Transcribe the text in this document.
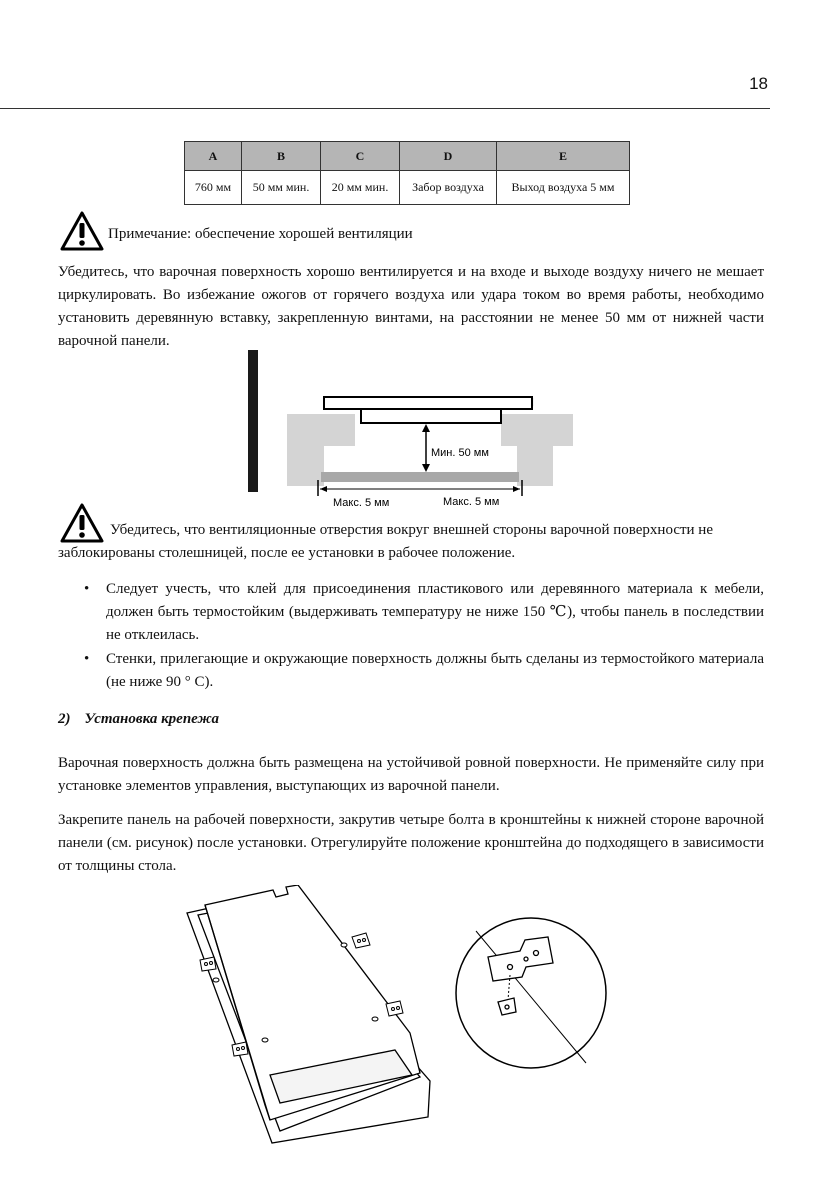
18
A	B	C	D	E
760 мм	50 мм мин.	20 мм мин.	Забор воздуха	Выход воздуха 5 мм
Примечание: обеспечение хорошей вентиляции

Убедитесь, что варочная поверхность хорошо вентилируется и на входе и выходе воздуху ничего не мешает циркулировать. Во избежание ожогов от горячего воздуха или удара током во время работы, необходимо установить деревянную вставку, закрепленную винтами, на расстоянии не менее 50 мм от нижней части варочной панели.

Мин. 50 мм
Макс. 5 мм	Макс. 5 мм

Убедитесь, что вентиляционные отверстия вокруг внешней стороны варочной поверхности не заблокированы столешницей, после ее установки в рабочее положение.

• Следует учесть, что клей для присоединения пластикового или деревянного материала к мебели, должен быть термостойким (выдерживать температуру не ниже 150 ℃), чтобы панель в последствии не отклеилась.
• Стенки, прилегающие и окружающие поверхность должны быть сделаны из термостойкого материала (не ниже 90 ° С).
2) Установка крепежа

Варочная поверхность должна быть размещена на устойчивой ровной поверхности. Не применяйте силу при установке элементов управления, выступающих из варочной панели.

Закрепите панель на рабочей поверхности, закрутив четыре болта в кронштейны к нижней стороне варочной панели (см. рисунок) после установки. Отрегулируйте положение кронштейна до подходящего в зависимости от толщины стола.
